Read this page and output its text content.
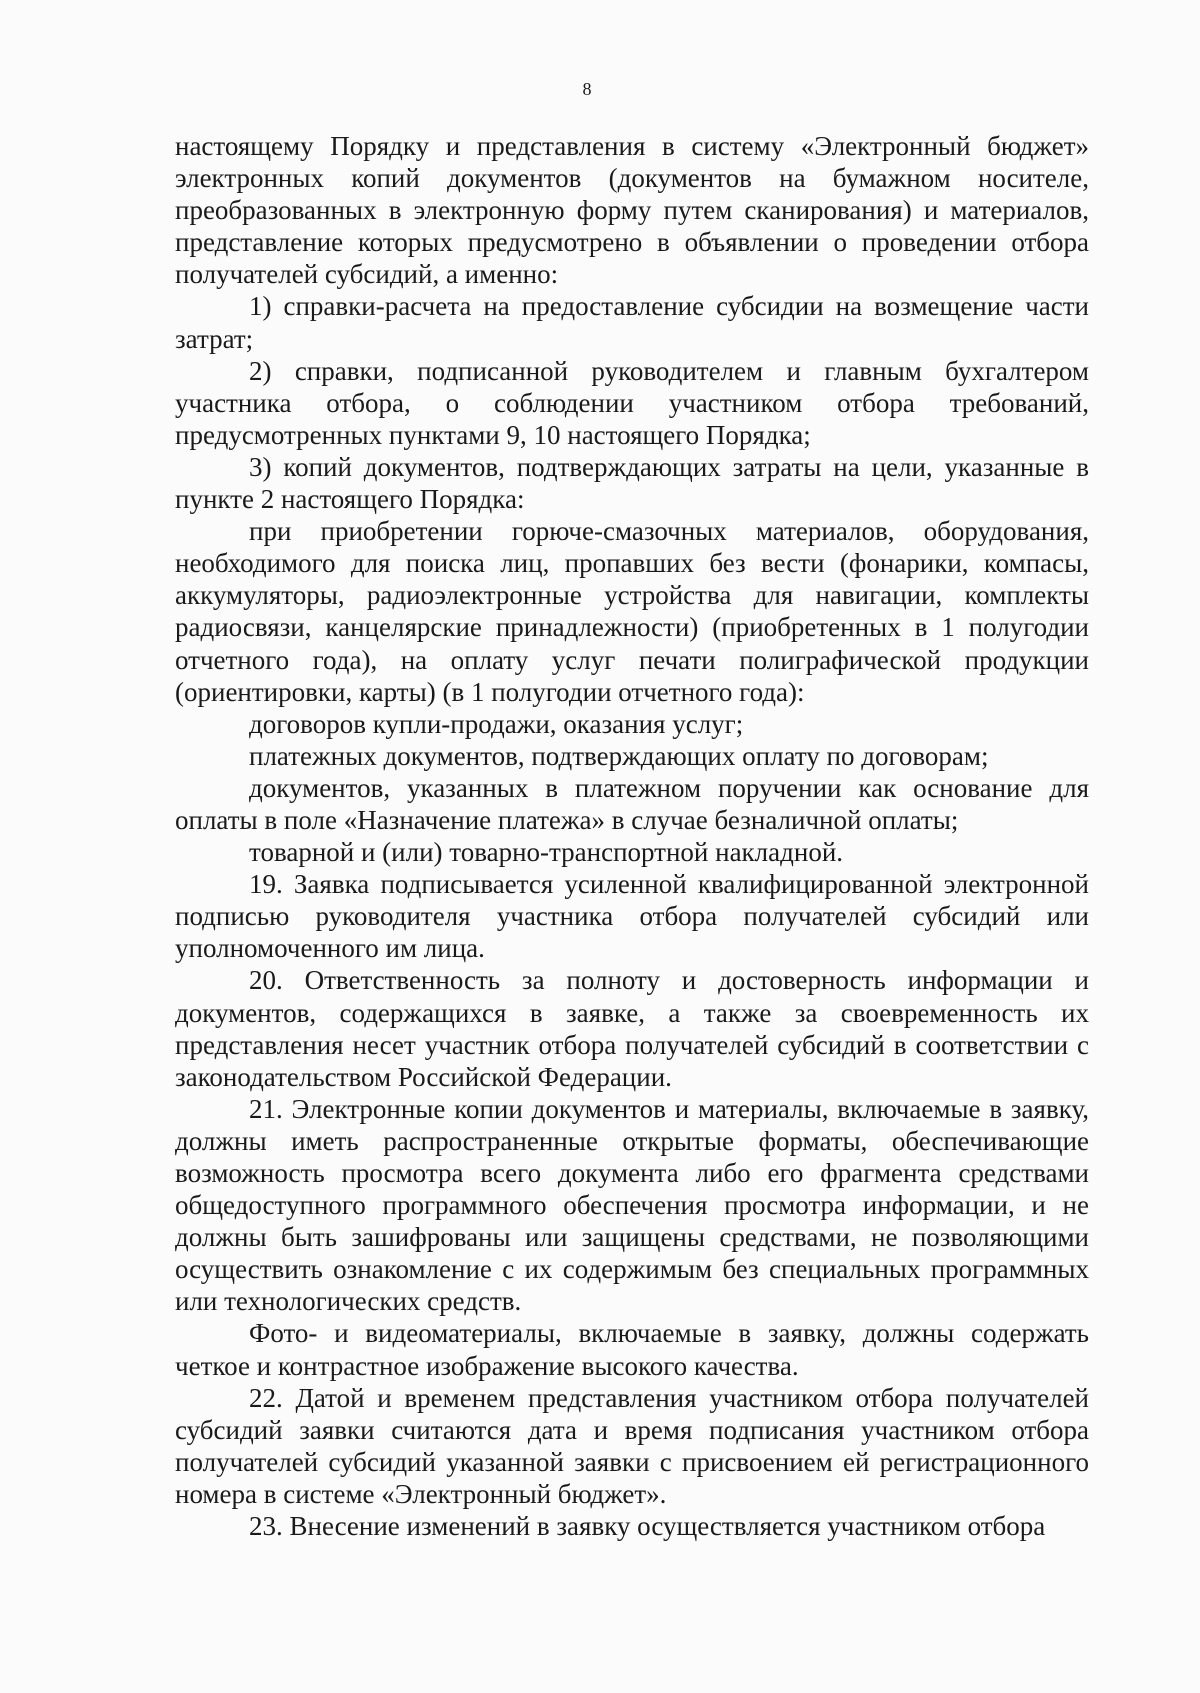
8

настоящему Порядку и представления в систему «Электронный бюджет» электронных копий документов (документов на бумажном носителе, преобразованных в электронную форму путем сканирования) и материалов, представление которых предусмотрено в объявлении о проведении отбора получателей субсидий, а именно:

1) справки-расчета на предоставление субсидии на возмещение части затрат;

2) справки, подписанной руководителем и главным бухгалтером участника отбора, о соблюдении участником отбора требований, предусмотренных пунктами 9, 10 настоящего Порядка;

3) копий документов, подтверждающих затраты на цели, указанные в пункте 2 настоящего Порядка:

при приобретении горюче-смазочных материалов, оборудования, необходимого для поиска лиц, пропавших без вести (фонарики, компасы, аккумуляторы, радиоэлектронные устройства для навигации, комплекты радиосвязи, канцелярские принадлежности) (приобретенных в 1 полугодии отчетного года), на оплату услуг печати полиграфической продукции (ориентировки, карты) (в 1 полугодии отчетного года):

договоров купли-продажи, оказания услуг;

платежных документов, подтверждающих оплату по договорам;

документов, указанных в платежном поручении как основание для оплаты в поле «Назначение платежа» в случае безналичной оплаты;

товарной и (или) товарно-транспортной накладной.

19. Заявка подписывается усиленной квалифицированной электронной подписью руководителя участника отбора получателей субсидий или уполномоченного им лица.

20. Ответственность за полноту и достоверность информации и документов, содержащихся в заявке, а также за своевременность их представления несет участник отбора получателей субсидий в соответствии с законодательством Российской Федерации.

21. Электронные копии документов и материалы, включаемые в заявку, должны иметь распространенные открытые форматы, обеспечивающие возможность просмотра всего документа либо его фрагмента средствами общедоступного программного обеспечения просмотра информации, и не должны быть зашифрованы или защищены средствами, не позволяющими осуществить ознакомление с их содержимым без специальных программных или технологических средств.

Фото- и видеоматериалы, включаемые в заявку, должны содержать четкое и контрастное изображение высокого качества.

22. Датой и временем представления участником отбора получателей субсидий заявки считаются дата и время подписания участником отбора получателей субсидий указанной заявки с присвоением ей регистрационного номера в системе «Электронный бюджет».

23. Внесение изменений в заявку осуществляется участником отбора
